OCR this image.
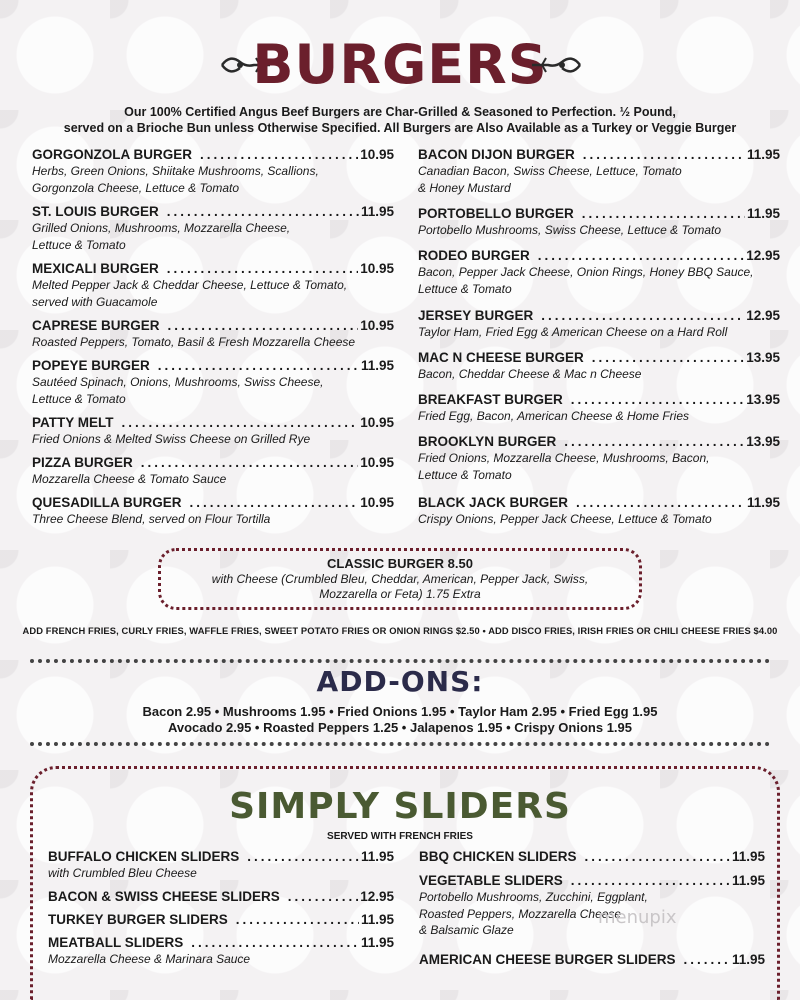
BURGERS
Our 100% Certified Angus Beef Burgers are Char-Grilled & Seasoned to Perfection. ½ Pound,
served on a Brioche Bun unless Otherwise Specified. All Burgers are Also Available as a Turkey or Veggie Burger
GORGONZOLA BURGER .....	10.95
Herbs, Green Onions, Shiitake Mushrooms, Scallions,
Gorgonzola Cheese, Lettuce & Tomato
ST. LOUIS BURGER .....	11.95
Grilled Onions, Mushrooms, Mozzarella Cheese,
Lettuce & Tomato
MEXICALI BURGER .....	10.95
Melted Pepper Jack & Cheddar Cheese, Lettuce & Tomato,
served with Guacamole
CAPRESE BURGER .....	10.95
Roasted Peppers, Tomato, Basil & Fresh Mozzarella Cheese
POPEYE BURGER .....	11.95
Sautéed Spinach, Onions, Mushrooms, Swiss Cheese,
Lettuce & Tomato
PATTY MELT .....	10.95
Fried Onions & Melted Swiss Cheese on Grilled Rye
PIZZA BURGER .....	10.95
Mozzarella Cheese & Tomato Sauce
QUESADILLA BURGER .....	10.95
Three Cheese Blend, served on Flour Tortilla
BACON DIJON BURGER .....	11.95
Canadian Bacon, Swiss Cheese, Lettuce, Tomato
& Honey Mustard
PORTOBELLO BURGER .....	11.95
Portobello Mushrooms, Swiss Cheese, Lettuce & Tomato
RODEO BURGER .....	12.95
Bacon, Pepper Jack Cheese, Onion Rings, Honey BBQ Sauce,
Lettuce & Tomato
JERSEY BURGER .....	12.95
Taylor Ham, Fried Egg & American Cheese on a Hard Roll
MAC N CHEESE BURGER .....	13.95
Bacon, Cheddar Cheese & Mac n Cheese
BREAKFAST BURGER .....	13.95
Fried Egg, Bacon, American Cheese & Home Fries
BROOKLYN BURGER .....	13.95
Fried Onions, Mozzarella Cheese, Mushrooms, Bacon,
Lettuce & Tomato
BLACK JACK BURGER .....	11.95
Crispy Onions, Pepper Jack Cheese, Lettuce & Tomato
CLASSIC BURGER 8.50
with Cheese (Crumbled Bleu, Cheddar, American, Pepper Jack, Swiss,
Mozzarella or Feta) 1.75 Extra
ADD FRENCH FRIES, CURLY FRIES, WAFFLE FRIES, SWEET POTATO FRIES OR ONION RINGS $2.50 • ADD DISCO FRIES, IRISH FRIES OR CHILI CHEESE FRIES $4.00
ADD-ONS:
Bacon 2.95 • Mushrooms 1.95 • Fried Onions 1.95 • Taylor Ham 2.95 • Fried Egg 1.95
Avocado 2.95 • Roasted Peppers 1.25 • Jalapenos 1.95 • Crispy Onions 1.95
SIMPLY SLIDERS
SERVED WITH FRENCH FRIES
BUFFALO CHICKEN SLIDERS .....	11.95
with Crumbled Bleu Cheese
BACON & SWISS CHEESE SLIDERS .....	12.95
TURKEY BURGER SLIDERS .....	11.95
MEATBALL SLIDERS .....	11.95
Mozzarella Cheese & Marinara Sauce
BBQ CHICKEN SLIDERS .....	11.95
VEGETABLE SLIDERS .....	11.95
Portobello Mushrooms, Zucchini, Eggplant,
Roasted Peppers, Mozzarella Cheese
& Balsamic Glaze
AMERICAN CHEESE BURGER SLIDERS .....	11.95
menupix
